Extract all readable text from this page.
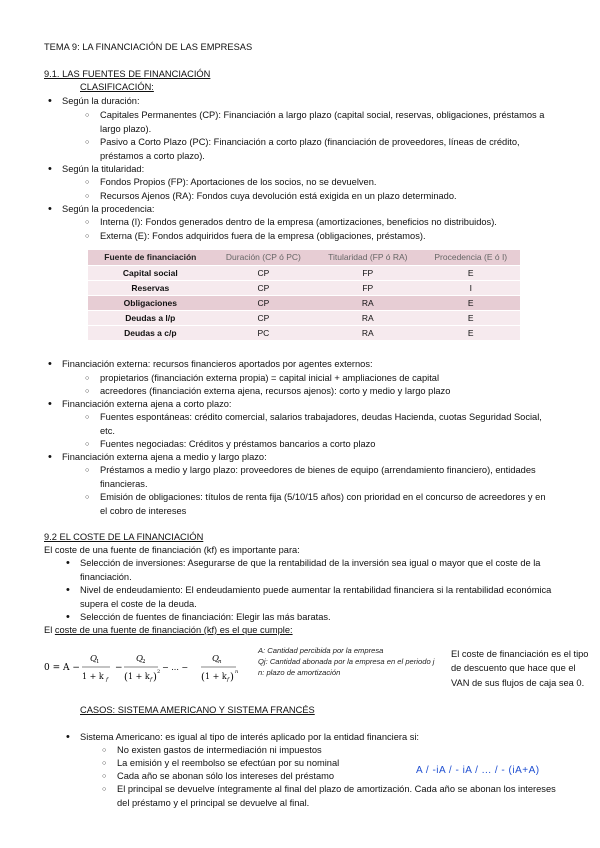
TEMA 9: LA FINANCIACIÓN DE LAS EMPRESAS
9.1. LAS FUENTES DE FINANCIACIÓN
CLASIFICACIÓN:
• Según la duración:
○ Capitales Permanentes (CP): Financiación a largo plazo (capital social, reservas, obligaciones, préstamos a largo plazo).
○ Pasivo a Corto Plazo (PC): Financiación a corto plazo (financiación de proveedores, líneas de crédito, préstamos a corto plazo).
• Según la titularidad:
○ Fondos Propios (FP): Aportaciones de los socios, no se devuelven.
○ Recursos Ajenos (RA): Fondos cuya devolución está exigida en un plazo determinado.
• Según la procedencia:
○ Interna (I): Fondos generados dentro de la empresa (amortizaciones, beneficios no distribuidos).
○ Externa (E): Fondos adquiridos fuera de la empresa (obligaciones, préstamos).
Fuente de financiación	Duración (CP ó PC)	Titularidad (FP ó RA)	Procedencia (E ó I)
Capital social	CP	FP	E
Reservas	CP	FP	I
Obligaciones	CP	RA	E
Deudas a l/p	CP	RA	E
Deudas a c/p	PC	RA	E
• Financiación externa: recursos financieros aportados por agentes externos:
○ propietarios (financiación externa propia) = capital inicial + ampliaciones de capital
○ acreedores (financiación externa ajena, recursos ajenos): corto y medio y largo plazo
• Financiación externa ajena a corto plazo:
○ Fuentes espontáneas: crédito comercial, salarios trabajadores, deudas Hacienda, cuotas Seguridad Social, etc.
○ Fuentes negociadas: Créditos y préstamos bancarios a corto plazo
• Financiación externa ajena a medio y largo plazo:
○ Préstamos a medio y largo plazo: proveedores de bienes de equipo (arrendamiento financiero), entidades financieras.
○ Emisión de obligaciones: títulos de renta fija (5/10/15 años) con prioridad en el concurso de acreedores y en el cobro de intereses
9.2 EL COSTE DE LA FINANCIACIÓN
El coste de una fuente de financiación (kf) es importante para:
• Selección de inversiones: Asegurarse de que la rentabilidad de la inversión sea igual o mayor que el coste de la financiación.
• Nivel de endeudamiento: El endeudamiento puede aumentar la rentabilidad financiera si la rentabilidad económica supera el coste de la deuda.
• Selección de fuentes de financiación: Elegir las más baratas.
El coste de una fuente de financiación (kf) es el que cumple:
0 = A −
Q 1
1 + k f
−
Q 2
( 1 + k f ) 2 − ... −
Q n
( 1 + k f ) n
A: Cantidad percibida por la empresa
Qj: Cantidad abonada por la empresa en el periodo j
n: plazo de amortización
El coste de financiación es el tipo de descuento que hace que el VAN de sus flujos de caja sea 0.
CASOS: SISTEMA AMERICANO Y SISTEMA FRANCÉS
• Sistema Americano: es igual al tipo de interés aplicado por la entidad financiera si:
○ No existen gastos de intermediación ni impuestos
○ La emisión y el reembolso se efectúan por su nominal
○ Cada año se abonan sólo los intereses del préstamo
○ El principal se devuelve íntegramente al final del plazo de amortización. Cada año se abonan los intereses del préstamo y el principal se devuelve al final.
A / -iA / - iA / ... / - (iA+A)
